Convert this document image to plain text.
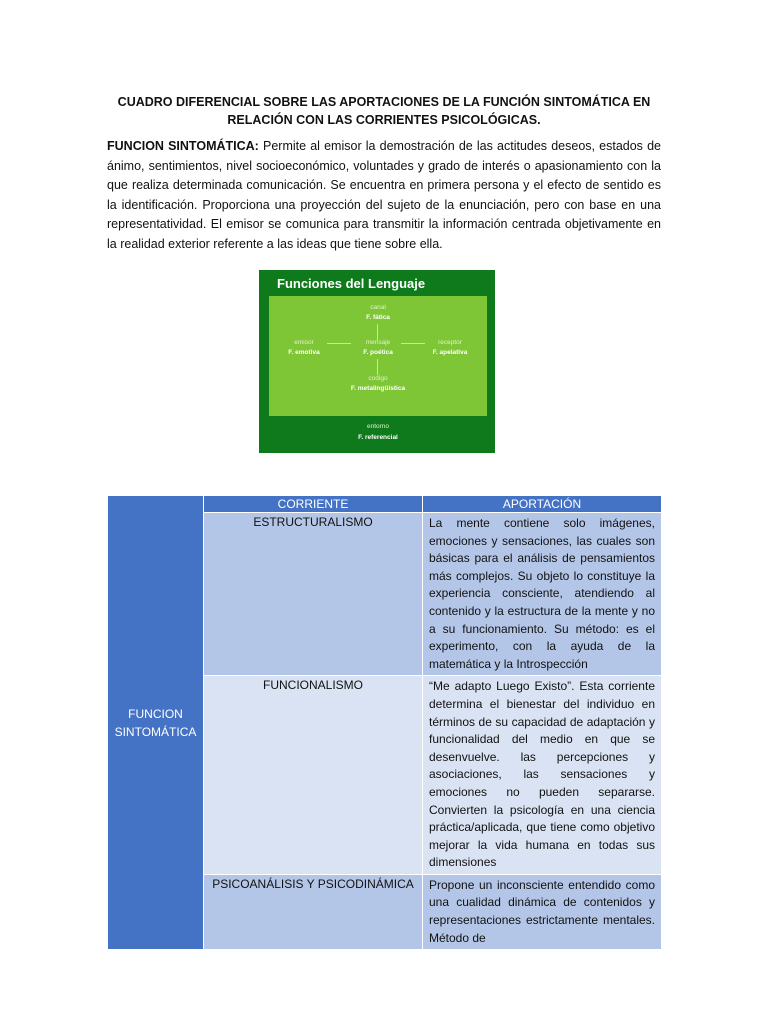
CUADRO DIFERENCIAL SOBRE LAS APORTACIONES DE LA FUNCIÓN SINTOMÁTICA EN RELACIÓN CON LAS CORRIENTES PSICOLÓGICAS.
FUNCION SINTOMÁTICA: Permite al emisor la demostración de las actitudes deseos, estados de ánimo, sentimientos, nivel socioeconómico, voluntades y grado de interés o apasionamiento con la que realiza determinada comunicación. Se encuentra en primera persona y el efecto de sentido es la identificación. Proporciona una proyección del sujeto de la enunciación, pero con base en una representatividad. El emisor se comunica para transmitir la información centrada objetivamente en la realidad exterior referente a las ideas que tiene sobre ella.
Funciones del Lenguaje
canal
F. fática
emisor
F. emotiva
mensaje
F. poética
receptor
F. apelativa
codigo
F. metalingüística
entorno
F. referencial
FUNCION SINTOMÁTICA	CORRIENTE	APORTACIÓN
	ESTRUCTURALISMO	La mente contiene solo imágenes, emociones y sensaciones, las cuales son básicas para el análisis de pensamientos más complejos. Su objeto lo constituye la experiencia consciente, atendiendo al contenido y la estructura de la mente y no a su funcionamiento. Su método: es el experimento, con la ayuda de la matemática y la Introspección
	FUNCIONALISMO	“Me adapto Luego Existo”. Esta corriente determina el bienestar del individuo en términos de su capacidad de adaptación y funcionalidad del medio en que se desenvuelve. las percepciones y asociaciones, las sensaciones y emociones no pueden separarse. Convierten la psicología en una ciencia práctica/aplicada, que tiene como objetivo mejorar la vida humana en todas sus dimensiones
	PSICOANÁLISIS Y PSICODINÁMICA	Propone un inconsciente entendido como una cualidad dinámica de contenidos y representaciones estrictamente mentales. Método de
